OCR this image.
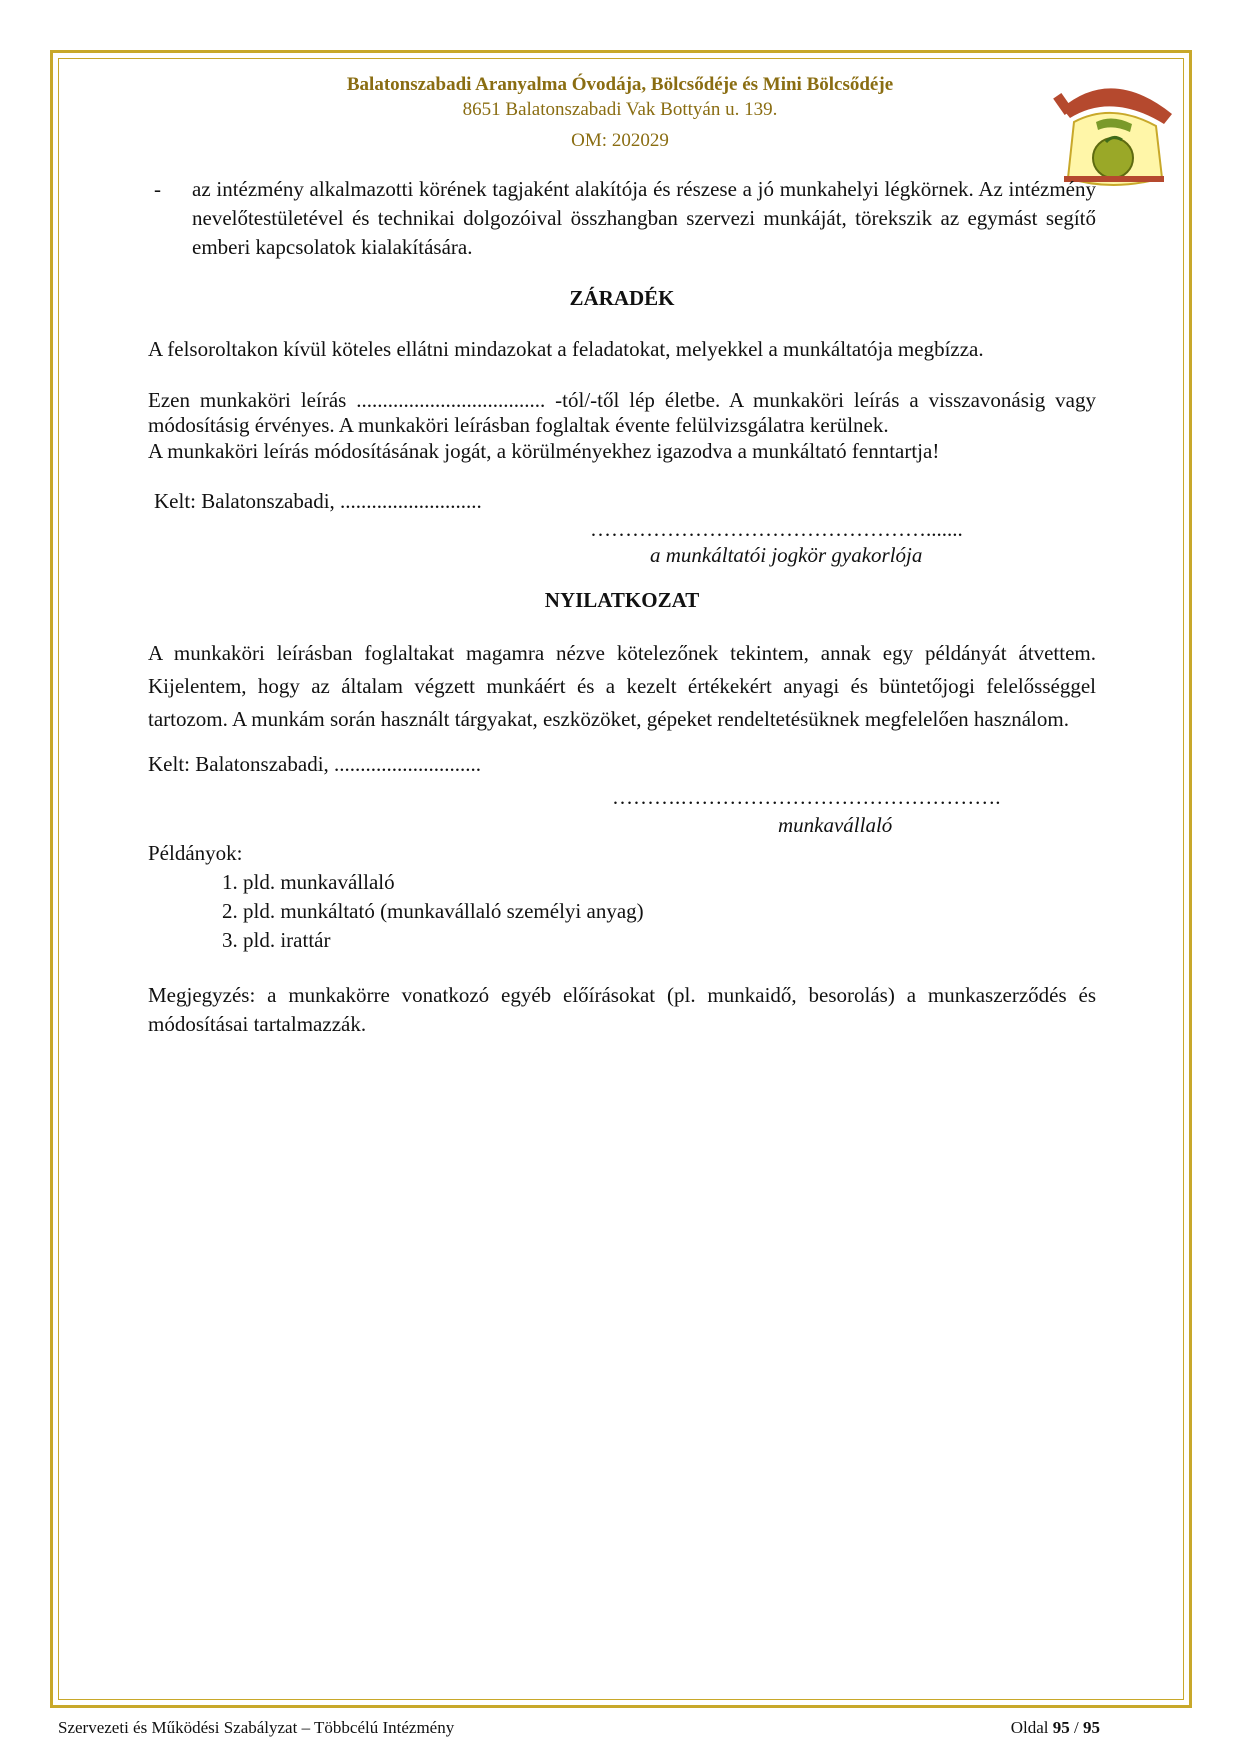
Balatonszabadi Aranyalma Óvodája, Bölcsődéje és Mini Bölcsődéje
8651 Balatonszabadi Vak Bottyán u. 139.
OM: 202029
- az intézmény alkalmazotti körének tagjaként alakítója és részese a jó munkahelyi légkörnek. Az intézmény nevelőtestületével és technikai dolgozóival összhangban szervezi munkáját, törekszik az egymást segítő emberi kapcsolatok kialakítására.
ZÁRADÉK
A felsoroltakon kívül köteles ellátni mindazokat a feladatokat, melyekkel a munkáltatója megbízza.
Ezen munkaköri leírás .................................... -tól/-től lép életbe. A munkaköri leírás a visszavonásig vagy módosításig érvényes. A munkaköri leírásban foglaltak évente felülvizsgálatra kerülnek.
A munkaköri leírás módosításának jogát, a körülményekhez igazodva a munkáltató fenntartja!
Kelt: Balatonszabadi, ...........................
………………………………………….......
a munkáltatói jogkör gyakorlója
NYILATKOZAT
A munkaköri leírásban foglaltakat magamra nézve kötelezőnek tekintem, annak egy példányát átvettem. Kijelentem, hogy az általam végzett munkáért és a kezelt értékekért anyagi és büntetőjogi felelősséggel tartozom. A munkám során használt tárgyakat, eszközöket, gépeket rendeltetésüknek megfelelően használom.
Kelt: Balatonszabadi, ............................
……….……………………………………….
munkavállaló
Példányok:
1. pld. munkavállaló
2. pld. munkáltató (munkavállaló személyi anyag)
3. pld. irattár
Megjegyzés: a munkakörre vonatkozó egyéb előírásokat (pl. munkaidő, besorolás) a munkaszerződés és módosításai tartalmazzák.
Szervezeti és Működési Szabályzat – Többcélú Intézmény	Oldal 95 / 95
